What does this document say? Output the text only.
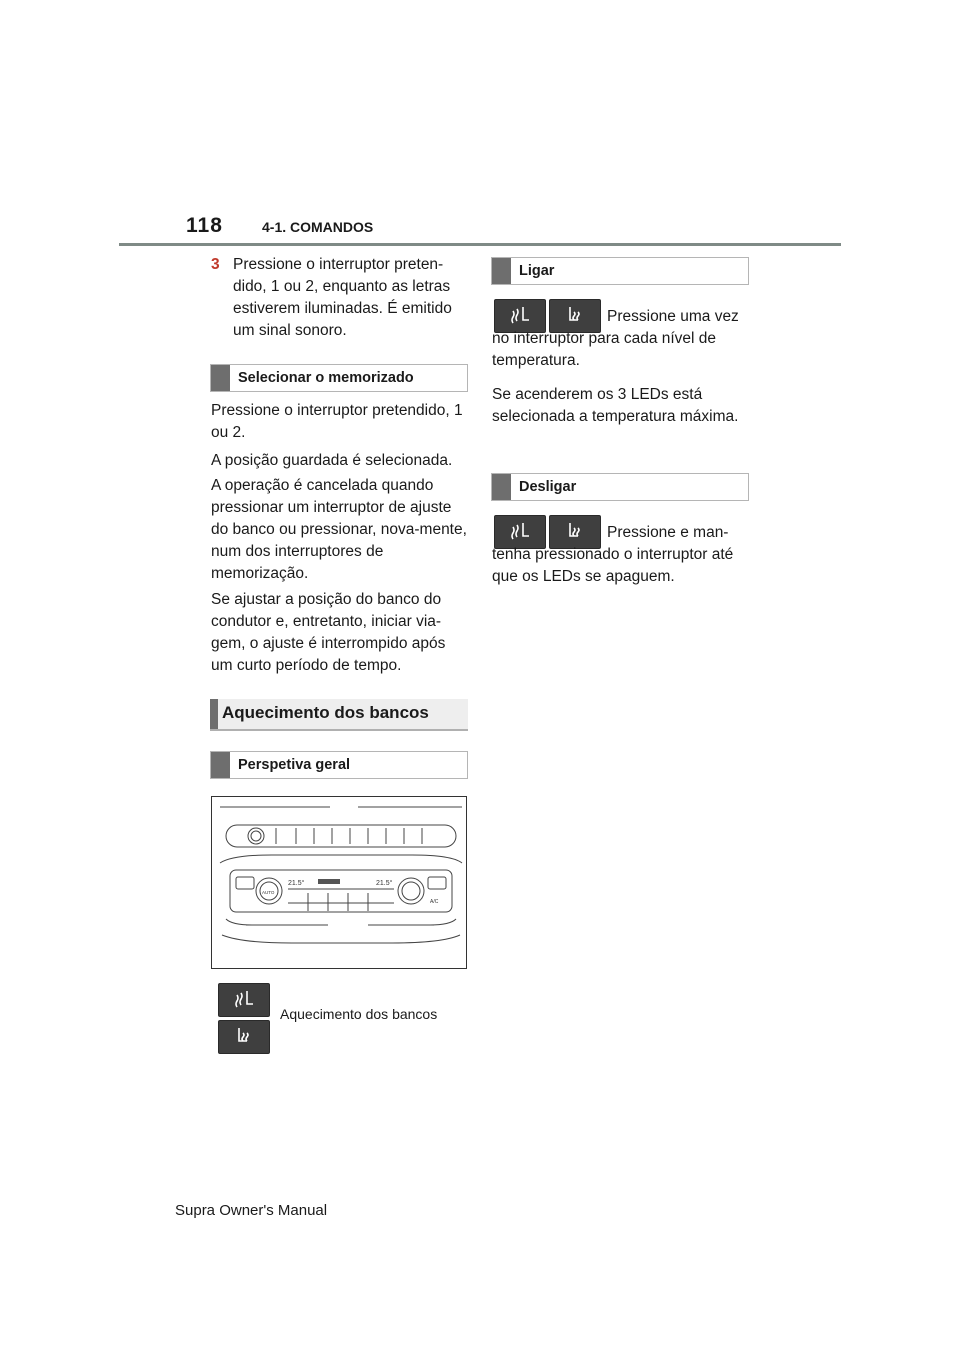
118	4-1. COMANDOS
3 Pressione o interruptor preten-dido, 1 ou 2, enquanto as letras estiverem iluminadas. É emitido um sinal sonoro.

Selecionar o memorizado

Pressione o interruptor pretendido, 1 ou 2.

A posição guardada é selecionada.

A operação é cancelada quando pressionar um interruptor de ajuste do banco ou pressionar, nova-mente, num dos interruptores de memorização.

Se ajustar a posição do banco do condutor e, entretanto, iniciar via-gem, o ajuste é interrompido após um curto período de tempo.

Aquecimento dos bancos
Perspetiva geral
21.5°	21.5°
AUTO
A/C
Aquecimento dos bancos
Ligar

Pressione uma vez no interruptor para cada nível de temperatura.

Se acenderem os 3 LEDs está selecionada a temperatura máxima.

Desligar

Pressione e man-tenha pressionado o interruptor até que os LEDs se apaguem.

Supra Owner's Manual
